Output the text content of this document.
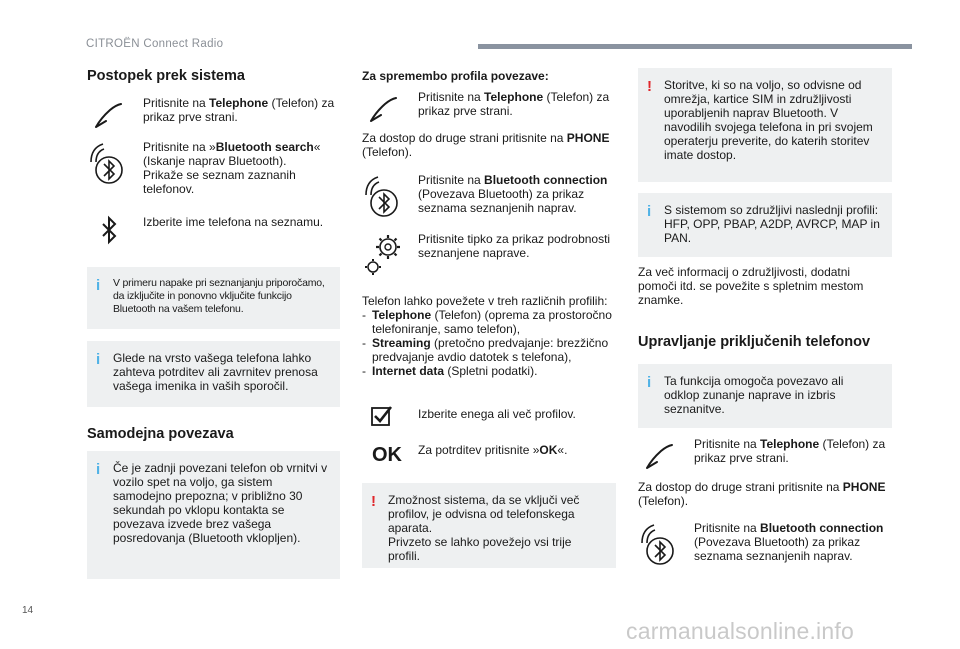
CITROËN Connect Radio
Postopek prek sistema
Pritisnite na Telephone (Telefon) za prikaz prve strani.
Pritisnite na »Bluetooth search« (Iskanje naprav Bluetooth).
Prikaže se seznam zaznanih telefonov.
Izberite ime telefona na seznamu.
i V primeru napake pri seznanjanju priporočamo, da izključite in ponovno vključite funkcijo Bluetooth na vašem telefonu.
i Glede na vrsto vašega telefona lahko zahteva potrditev ali zavrnitev prenosa vašega imenika in vaših sporočil.
Samodejna povezava
i Če je zadnji povezani telefon ob vrnitvi v vozilo spet na voljo, ga sistem samodejno prepozna; v približno 30 sekundah po vklopu kontakta se povezava izvede brez vašega posredovanja (Bluetooth vklopljen).
Za spremembo profila povezave:
Pritisnite na Telephone (Telefon) za prikaz prve strani.
Za dostop do druge strani pritisnite na PHONE (Telefon).
Pritisnite na Bluetooth connection (Povezava Bluetooth) za prikaz seznama seznanjenih naprav.
Pritisnite tipko za prikaz podrobnosti seznanjene naprave.
Telefon lahko povežete v treh različnih profilih:
- Telephone (Telefon) (oprema za prostoročno telefoniranje, samo telefon),
- Streaming (pretočno predvajanje: brezžično predvajanje avdio datotek s telefona),
- Internet data (Spletni podatki).
Izberite enega ali več profilov.
OK	Za potrditev pritisnite »OK«.
! Zmožnost sistema, da se vključi več profilov, je odvisna od telefonskega aparata.
Privzeto se lahko povežejo vsi trije profili.
! Storitve, ki so na voljo, so odvisne od omrežja, kartice SIM in združljivosti uporabljenih naprav Bluetooth. V navodilih svojega telefona in pri svojem operaterju preverite, do katerih storitev imate dostop.
i S sistemom so združljivi naslednji profili: HFP, OPP, PBAP, A2DP, AVRCP, MAP in PAN.
Za več informacij o združljivosti, dodatni pomoči itd. se povežite s spletnim mestom znamke.
Upravljanje priključenih telefonov
i Ta funkcija omogoča povezavo ali odklop zunanje naprave in izbris seznanitve.
Pritisnite na Telephone (Telefon) za prikaz prve strani.
Za dostop do druge strani pritisnite na PHONE (Telefon).
Pritisnite na Bluetooth connection (Povezava Bluetooth) za prikaz seznama seznanjenih naprav.
14
carmanualsonline.info
